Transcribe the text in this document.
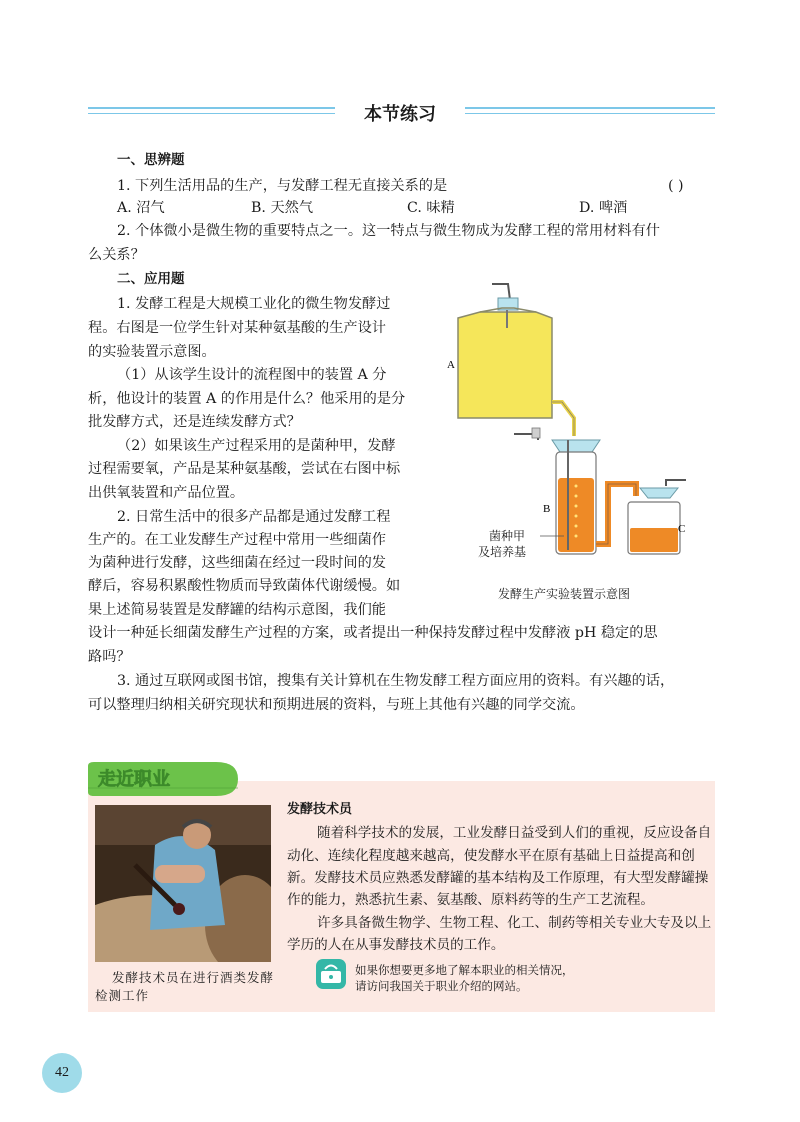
本节练习
一、思辨题
1. 下列生活用品的生产，与发酵工程无直接关系的是	( )
A. 沼气	B. 天然气	C. 味精	D. 啤酒
2. 个体微小是微生物的重要特点之一。这一特点与微生物成为发酵工程的常用材料有什
么关系？
二、应用题
1. 发酵工程是大规模工业化的微生物发酵过
程。右图是一位学生针对某种氨基酸的生产设计
的实验装置示意图。
（1）从该学生设计的流程图中的装置 A 分
析，他设计的装置 A 的作用是什么？他采用的是分
批发酵方式，还是连续发酵方式？
（2）如果该生产过程采用的是菌种甲，发酵
过程需要氧，产品是某种氨基酸，尝试在右图中标
出供氧装置和产品位置。
2. 日常生活中的很多产品都是通过发酵工程
生产的。在工业发酵生产过程中常用一些细菌作
为菌种进行发酵，这些细菌在经过一段时间的发
酵后，容易积累酸性物质而导致菌体代谢缓慢。如
果上述简易装置是发酵罐的结构示意图，我们能
设计一种延长细菌发酵生产过程的方案，或者提出一种保持发酵过程中发酵液 pH 稳定的思
路吗？
3. 通过互联网或图书馆，搜集有关计算机在生物发酵工程方面应用的资料。有兴趣的话，
可以整理归纳相关研究现状和预期进展的资料，与班上其他有兴趣的同学交流。
A
B
C
菌种甲
及培养基
发酵生产实验装置示意图
走近职业
发酵技术员
随着科学技术的发展，工业发酵日益受到人们的重视，反应设备自
动化、连续化程度越来越高，使发酵水平在原有基础上日益提高和创
新。发酵技术员应熟悉发酵罐的基本结构及工作原理，有大型发酵罐操
作的能力，熟悉抗生素、氨基酸、原料药等的生产工艺流程。
许多具备微生物学、生物工程、化工、制药等相关专业大专及以上
学历的人在从事发酵技术员的工作。
发酵技术员在进行酒类发酵
检测工作
如果你想要更多地了解本职业的相关情况，
请访问我国关于职业介绍的网站。
42
